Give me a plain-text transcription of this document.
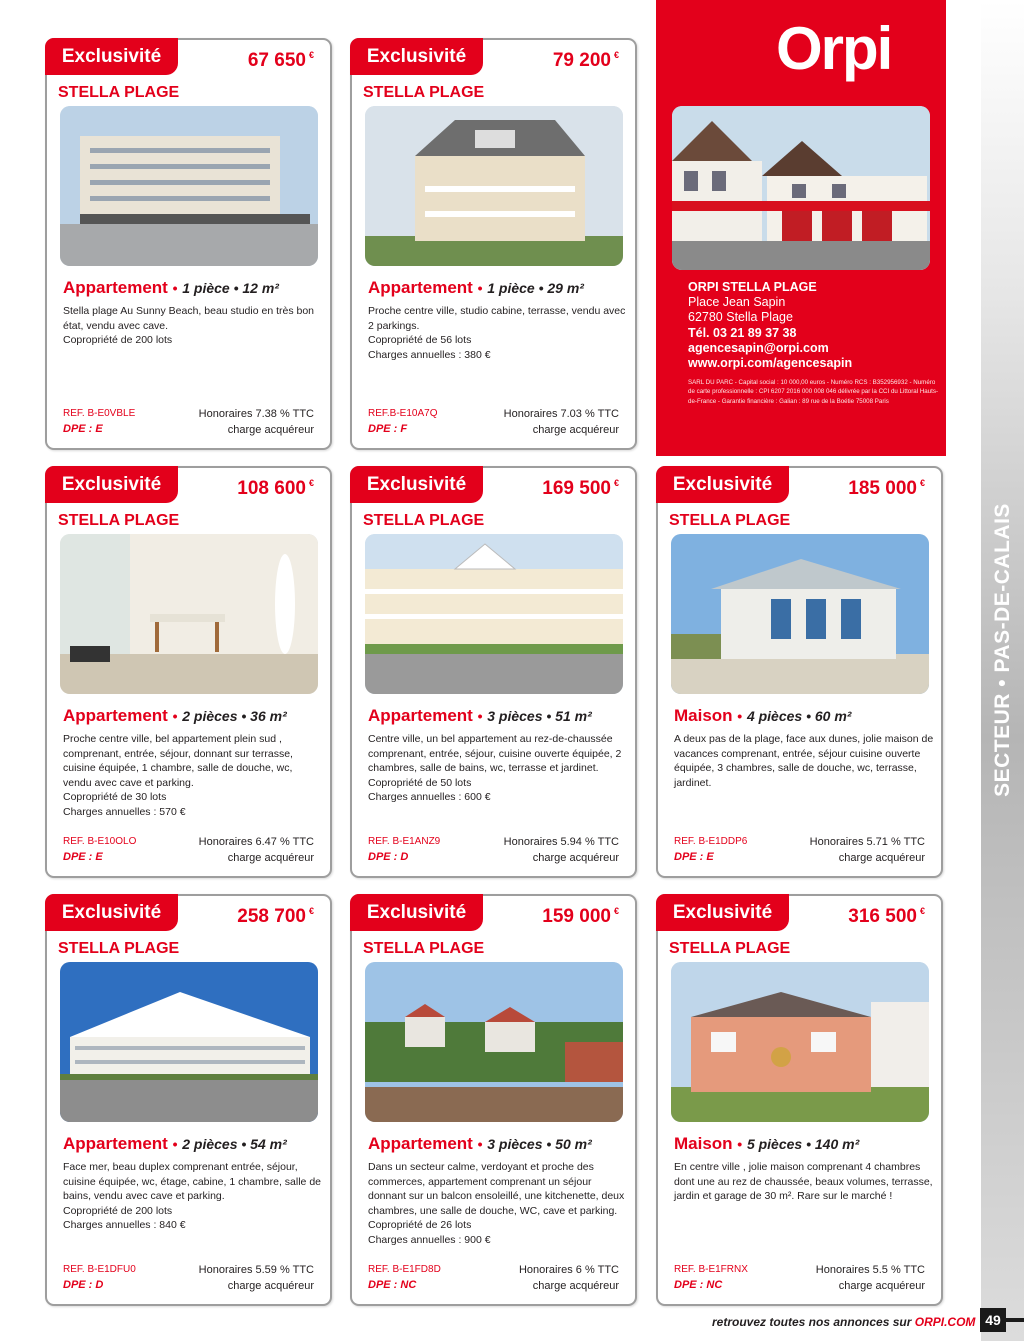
SECTEUR • PAS-DE-CALAIS
Orpi
ORPI STELLA PLAGE
Place Jean Sapin
62780 Stella Plage
Tél. 03 21 89 37 38
agencesapin@orpi.com
www.orpi.com/agencesapin
SARL DU PARC - Capital social : 10 000,00 euros - Numéro RCS : B352956932 - Numéro de carte professionnelle : CPI 6207 2016 000 008 046 délivrée par la CCI du Littoral Hauts-de-France - Garantie financière : Galian : 89 rue de la Boétie 75008 Paris
Exclusivité	67 650 €
STELLA PLAGE
Appartement • 1 pièce • 12 m²

Stella plage Au Sunny Beach, beau studio en très bon état, vendu avec cave.

Copropriété de 200 lots

REF. B-E0VBLE
DPE : E
Honoraires 7.38 % TTC
charge acquéreur
Exclusivité	79 200 €
STELLA PLAGE
Appartement • 1 pièce • 29 m²

Proche centre ville, studio cabine, terrasse, vendu avec 2 parkings.

Copropriété de 56 lots

Charges annuelles : 380 €

REF.B-E10A7Q
DPE : F
Honoraires 7.03 % TTC
charge acquéreur
Exclusivité	108 600 €
STELLA PLAGE
Appartement • 2 pièces • 36 m²

Proche centre ville, bel appartement plein sud , comprenant, entrée, séjour, donnant sur terrasse, cuisine équipée, 1 chambre, salle de douche, wc, vendu avec cave et parking.

Copropriété de 30 lots

Charges annuelles : 570 €

REF. B-E10OLO
DPE : E
Honoraires 6.47 % TTC
charge acquéreur
Exclusivité	169 500 €
STELLA PLAGE
Appartement • 3 pièces • 51 m²

Centre ville, un bel appartement au rez-de-chaussée comprenant, entrée, séjour, cuisine ouverte équipée, 2 chambres, salle de bains, wc, terrasse et jardinet.

Copropriété de 50 lots

Charges annuelles : 600 €

REF. B-E1ANZ9
DPE : D
Honoraires 5.94 % TTC
charge acquéreur
Exclusivité	185 000 €
STELLA PLAGE
Maison • 4 pièces • 60 m²

A deux pas de la plage, face aux dunes, jolie maison de vacances comprenant, entrée, séjour cuisine ouverte équipée, 3 chambres, salle de douche, wc, terrasse, jardinet.

REF. B-E1DDP6
DPE : E
Honoraires 5.71 % TTC
charge acquéreur
Exclusivité	258 700 €
STELLA PLAGE
Appartement • 2 pièces • 54 m²

Face mer, beau duplex comprenant entrée, séjour, cuisine équipée, wc, étage, cabine, 1 chambre, salle de bains, vendu avec cave et parking.

Copropriété de 200 lots

Charges annuelles : 840 €

REF. B-E1DFU0
DPE : D
Honoraires 5.59 % TTC
charge acquéreur
Exclusivité	159 000 €
STELLA PLAGE
Appartement • 3 pièces • 50 m²

Dans un secteur calme, verdoyant et proche des commerces, appartement comprenant un séjour donnant sur un balcon ensoleillé, une kitchenette, deux chambres, une salle de douche, WC, cave et parking.

Copropriété de 26 lots

Charges annuelles : 900 €

REF. B-E1FD8D
DPE : NC
Honoraires 6 % TTC
charge acquéreur
Exclusivité	316 500 €
STELLA PLAGE
Maison • 5 pièces • 140 m²

En centre ville , jolie maison comprenant 4 chambres dont une au rez de chaussée, beaux volumes, terrasse, jardin et garage de 30 m². Rare sur le marché !

REF. B-E1FRNX
DPE : NC
Honoraires 5.5 % TTC
charge acquéreur
retrouvez toutes nos annonces sur ORPI.COM 49
